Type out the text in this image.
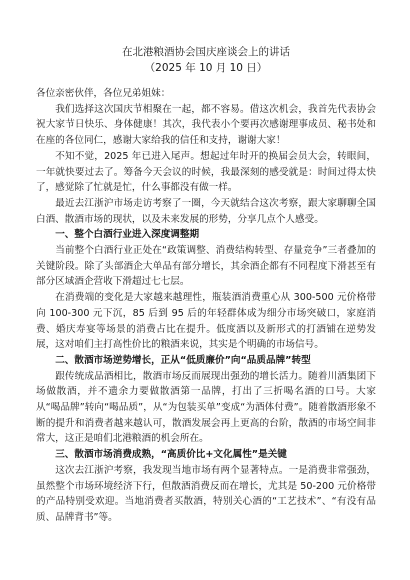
在北港粮酒协会国庆座谈会上的讲话
（2025 年 10 月 10 日）

各位亲密伙伴，各位兄弟姐妹：

我们选择这次国庆节相聚在一起，都不容易。借这次机会，我首先代表协会祝大家节日快乐、身体健康！其次，我代表小个要再次感谢理事成员、秘书处和在座的各位同仁，感谢大家给我的信任和支持，谢谢大家！

不知不觉，2025 年已进入尾声。想起过年时开的换届会员大会，转眼间，一年就快要过去了。筹备今天会议的时候，我最深刻的感受就是：时间过得太快了，感觉除了忙就是忙，什么事都没有做一样。

最近去江浙沪市场走访考察了一圈，今天就结合这次考察，跟大家聊聊全国白酒、散酒市场的现状，以及未来发展的形势，分享几点个人感受。

一、整个白酒行业进入深度调整期

当前整个白酒行业正处在“政策调整、消费结构转型、存量竞争”三者叠加的关键阶段。除了头部酒企大单品有部分增长，其余酒企都有不同程度下滑甚至有部分区域酒企营收下滑超过七七层。

在消费端的变化是大家越来越理性，瓶装酒消费重心从 300-500 元价格带向 100-300 元下沉，85 后到 95 后的年轻群体成为细分市场突破口，家庭消费、婚庆寿宴等场景的消费占比在提升。低度酒以及新形式的打酒铺在逆势发展，这对咱们主打高性价比的粮酒来说，其实是个明确的市场信号。

二、散酒市场逆势增长，正从“低质廉价”向“品质品牌”转型

跟传统成品酒相比，散酒市场反而展现出强劲的增长活力。随着川酒集团下场做散酒，并不遗余力要做散酒第一品牌，打出了三折喝名酒的口号。大家从“喝品牌”转向“喝品质”，从“为包装买单”变成“为酒体付费”。随着散酒形象不断的提升和消费者越来越认可，散酒发展会再上更高的台阶，散酒的市场空间非常大，这正是咱们北港粮酒的机会所在。

三、散酒市场消费成熟，“高质价比+文化属性”是关键

这次去江浙沪考察，我发现当地市场有两个显著特点。一是消费非常强劲，虽然整个市场环境经济下行，但散酒消费反而在增长，尤其是 50-200 元价格带的产品特别受欢迎。当地消费者买散酒，特别关心酒的“工艺技术”、“有没有品质、品牌背书”等。
